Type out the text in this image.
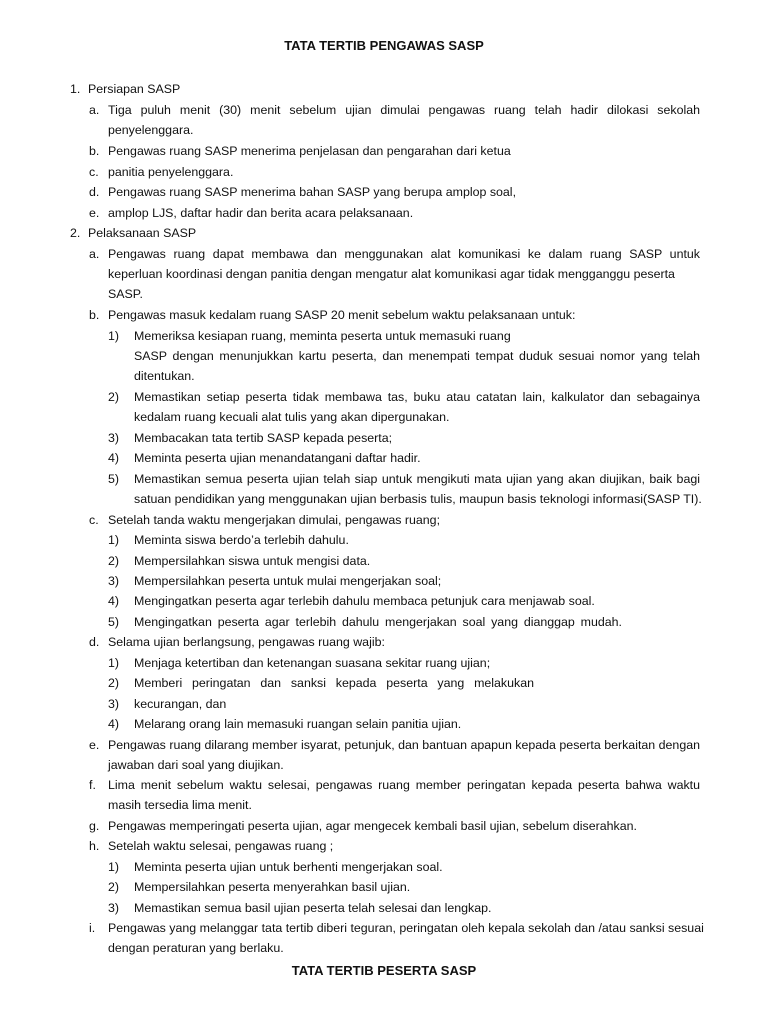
TATA TERTIB PENGAWAS SASP
1. Persiapan SASP
a. Tiga puluh menit (30) menit sebelum ujian dimulai pengawas ruang telah hadir dilokasi sekolah
penyelenggara.
b. Pengawas ruang SASP menerima penjelasan dan pengarahan dari ketua
c. panitia penyelenggara.
d. Pengawas ruang SASP menerima bahan SASP yang berupa amplop soal,
e. amplop LJS, daftar hadir dan berita acara pelaksanaan.
2. Pelaksanaan SASP
a. Pengawas ruang dapat membawa dan menggunakan alat komunikasi ke dalam ruang SASP untuk
keperluan koordinasi dengan panitia dengan mengatur alat komunikasi agar tidak mengganggu peserta
SASP.
b. Pengawas masuk kedalam ruang SASP 20 menit sebelum waktu pelaksanaan untuk:
1) Memeriksa kesiapan ruang, meminta peserta untuk memasuki ruang
SASP dengan menunjukkan kartu peserta, dan menempati tempat duduk sesuai nomor yang telah
ditentukan.
2) Memastikan setiap peserta tidak membawa tas, buku atau catatan lain, kalkulator dan sebagainya
kedalam ruang kecuali alat tulis yang akan dipergunakan.
3) Membacakan tata tertib SASP kepada peserta;
4) Meminta peserta ujian menandatangani daftar hadir.
5) Memastikan semua peserta ujian telah siap untuk mengikuti mata ujian yang akan diujikan, baik bagi
satuan pendidikan yang menggunakan ujian berbasis tulis, maupun basis teknologi informasi(SASP TI).
c. Setelah tanda waktu mengerjakan dimulai, pengawas ruang;
1) Meminta siswa berdo’a terlebih dahulu.
2) Mempersilahkan siswa untuk mengisi data.
3) Mempersilahkan peserta untuk mulai mengerjakan soal;
4) Mengingatkan peserta agar terlebih dahulu membaca petunjuk cara menjawab soal.
5) Mengingatkan peserta agar terlebih dahulu mengerjakan soal yang dianggap mudah.
d. Selama ujian berlangsung, pengawas ruang wajib:
1) Menjaga ketertiban dan ketenangan suasana sekitar ruang ujian;
2) Memberi peringatan dan sanksi kepada peserta yang melakukan
3) kecurangan, dan
4) Melarang orang lain memasuki ruangan selain panitia ujian.
e. Pengawas ruang dilarang member isyarat, petunjuk, dan bantuan apapun kepada peserta berkaitan dengan
jawaban dari soal yang diujikan.
f. Lima menit sebelum waktu selesai, pengawas ruang member peringatan kepada peserta bahwa waktu
masih tersedia lima menit.
g. Pengawas memperingati peserta ujian, agar mengecek kembali basil ujian, sebelum diserahkan.
h. Setelah waktu selesai, pengawas ruang ;
1) Meminta peserta ujian untuk berhenti mengerjakan soal.
2) Mempersilahkan peserta menyerahkan basil ujian.
3) Memastikan semua basil ujian peserta telah selesai dan lengkap.
i. Pengawas yang melanggar tata tertib diberi teguran, peringatan oleh kepala sekolah dan /atau sanksi sesuai
dengan peraturan yang berlaku.
TATA TERTIB PESERTA SASP
